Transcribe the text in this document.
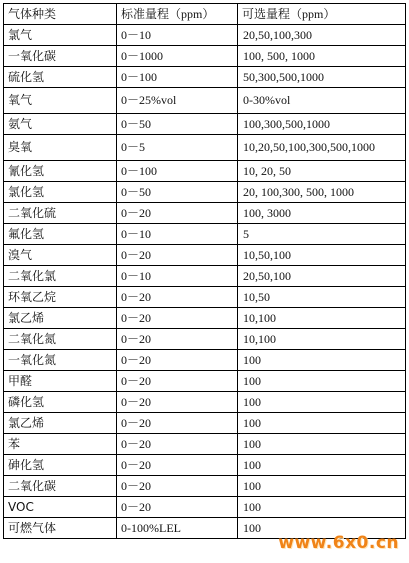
气体种类	标准量程（ppm）	可选量程（ppm）
氯气	0－10	20,50,100,300
一氧化碳	0－1000	100, 500, 1000
硫化氢	0－100	50,300,500,1000
氧气	0－25%vol	0-30%vol
氨气	0－50	100,300,500,1000
臭氧	0－5	10,20,50,100,300,500,1000
氰化氢	0－100	10, 20, 50
氯化氢	0－50	20, 100,300, 500, 1000
二氧化硫	0－20	100, 3000
氟化氢	0－10	5
溴气	0－20	10,50,100
二氧化氯	0－10	20,50,100
环氧乙烷	0－20	10,50
氯乙烯	0－20	10,100
二氧化氮	0－20	10,100
一氧化氮	0－20	100
甲醛	0－20	100
磷化氢	0－20	100
氯乙烯	0－20	100
苯	0－20	100
砷化氢	0－20	100
二氧化碳	0－20	100
VOC	0－20	100
可燃气体	0-100%LEL	100
www.6x0.cn
